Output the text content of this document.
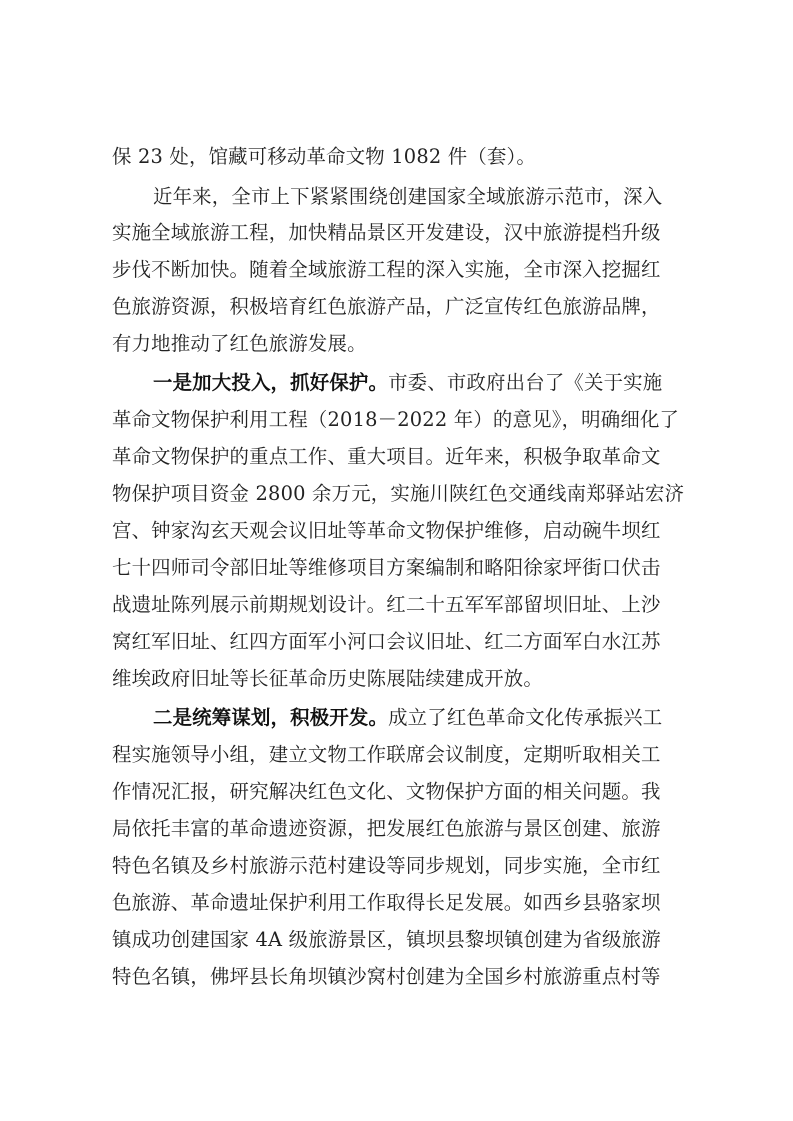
保 23 处，馆藏可移动革命文物 1082 件（套）。
近年来，全市上下紧紧围绕创建国家全域旅游示范市，深入
实施全域旅游工程，加快精品景区开发建设，汉中旅游提档升级
步伐不断加快。随着全域旅游工程的深入实施，全市深入挖掘红
色旅游资源，积极培育红色旅游产品，广泛宣传红色旅游品牌，
有力地推动了红色旅游发展。
一是加大投入，抓好保护。市委、市政府出台了《关于实施
革命文物保护利用工程（2018－2022 年）的意见》，明确细化了
革命文物保护的重点工作、重大项目。近年来，积极争取革命文
物保护项目资金 2800 余万元，实施川陕红色交通线南郑驿站宏济
宫、钟家沟玄天观会议旧址等革命文物保护维修，启动碗牛坝红
七十四师司令部旧址等维修项目方案编制和略阳徐家坪街口伏击
战遗址陈列展示前期规划设计。红二十五军军部留坝旧址、上沙
窝红军旧址、红四方面军小河口会议旧址、红二方面军白水江苏
维埃政府旧址等长征革命历史陈展陆续建成开放。
二是统筹谋划，积极开发。成立了红色革命文化传承振兴工
程实施领导小组，建立文物工作联席会议制度，定期听取相关工
作情况汇报，研究解决红色文化、文物保护方面的相关问题。我
局依托丰富的革命遗迹资源，把发展红色旅游与景区创建、旅游
特色名镇及乡村旅游示范村建设等同步规划，同步实施，全市红
色旅游、革命遗址保护利用工作取得长足发展。如西乡县骆家坝
镇成功创建国家 4A 级旅游景区，镇坝县黎坝镇创建为省级旅游
特色名镇，佛坪县长角坝镇沙窝村创建为全国乡村旅游重点村等
